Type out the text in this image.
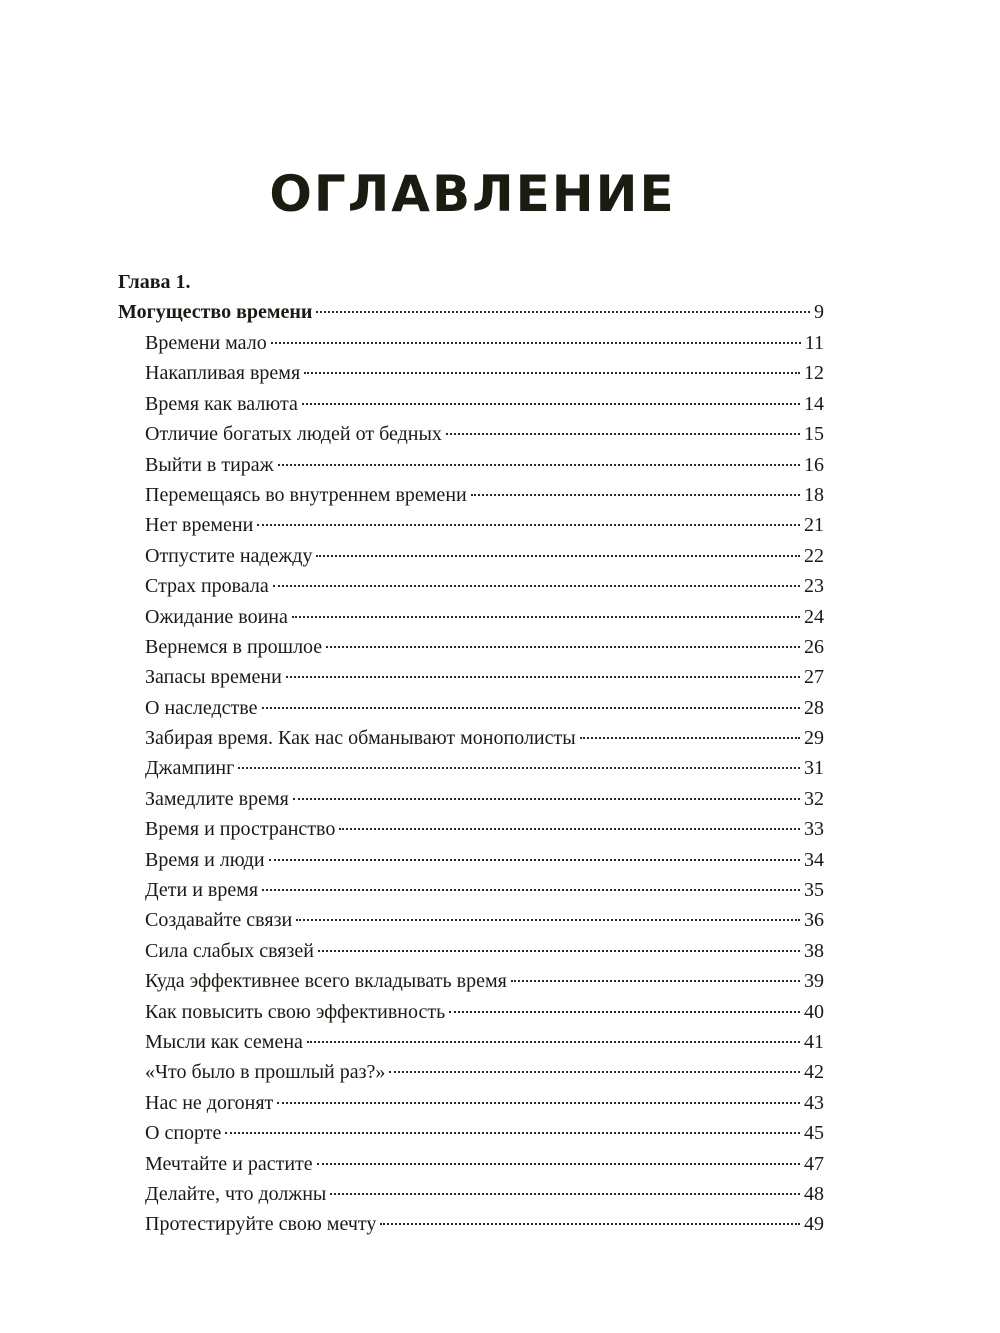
ОГЛАВЛЕНИЕ
Глава 1.
Могущество времени	9
Времени мало	11
Накапливая время	12
Время как валюта	14
Отличие богатых людей от бедных	15
Выйти в тираж	16
Перемещаясь во внутреннем времени	18
Нет времени	21
Отпустите надежду	22
Страх провала	23
Ожидание воина	24
Вернемся в прошлое	26
Запасы времени	27
О наследстве	28
Забирая время. Как нас обманывают монополисты	29
Джампинг	31
Замедлите время	32
Время и пространство	33
Время и люди	34
Дети и время	35
Создавайте связи	36
Сила слабых связей	38
Куда эффективнее всего вкладывать время	39
Как повысить свою эффективность	40
Мысли как семена	41
«Что было в прошлый раз?»	42
Нас не догонят	43
О спорте	45
Мечтайте и растите	47
Делайте, что должны	48
Протестируйте свою мечту	49
